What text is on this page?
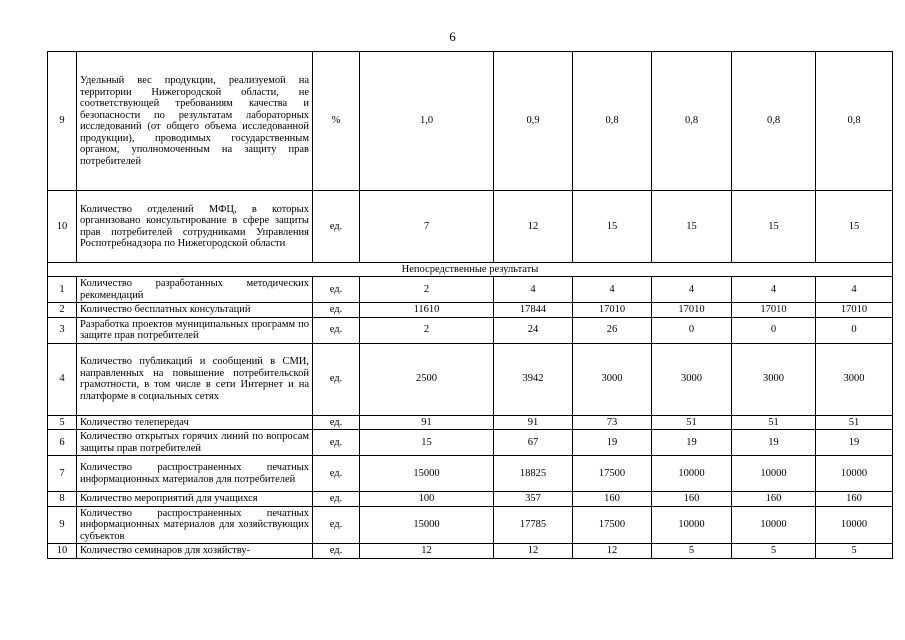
6
9	Удельный вес продукции, реализуемой на территории Нижегородской области, не соответствующей требованиям качества и безопасности по результатам лабораторных исследований (от общего объема исследованной продукции), проводимых государственным органом, уполномоченным на защиту прав потребителей	%	1,0	0,9	0,8	0,8	0,8	0,8
10	Количество отделений МФЦ, в которых организовано консультирование в сфере защиты прав потребителей сотрудниками Управления Роспотребнадзора по Нижегородской области	ед.	7	12	15	15	15	15
Непосредственные результаты								
1	Количество разработанных методических рекомендаций	ед.	2	4	4	4	4	4
2	Количество бесплатных консультаций	ед.	11610	17844	17010	17010	17010	17010
3	Разработка проектов муниципальных программ по защите прав потребителей	ед.	2	24	26	0	0	0
4	Количество публикаций и сообщений в СМИ, направленных на повышение потребительской грамотности, в том числе в сети Интернет и на платформе в социальных сетях	ед.	2500	3942	3000	3000	3000	3000
5	Количество телепередач	ед.	91	91	73	51	51	51
6	Количество открытых горячих линий по вопросам защиты прав потребителей	ед.	15	67	19	19	19	19
7	Количество распространенных печатных информационных материалов для потребителей	ед.	15000	18825	17500	10000	10000	10000
8	Количество мероприятий для учащихся	ед.	100	357	160	160	160	160
9	Количество распространенных печатных информационных материалов для хозяйствующих субъектов	ед.	15000	17785	17500	10000	10000	10000
10	Количество семинаров для хозяйству-	ед.	12	12	12	5	5	5
